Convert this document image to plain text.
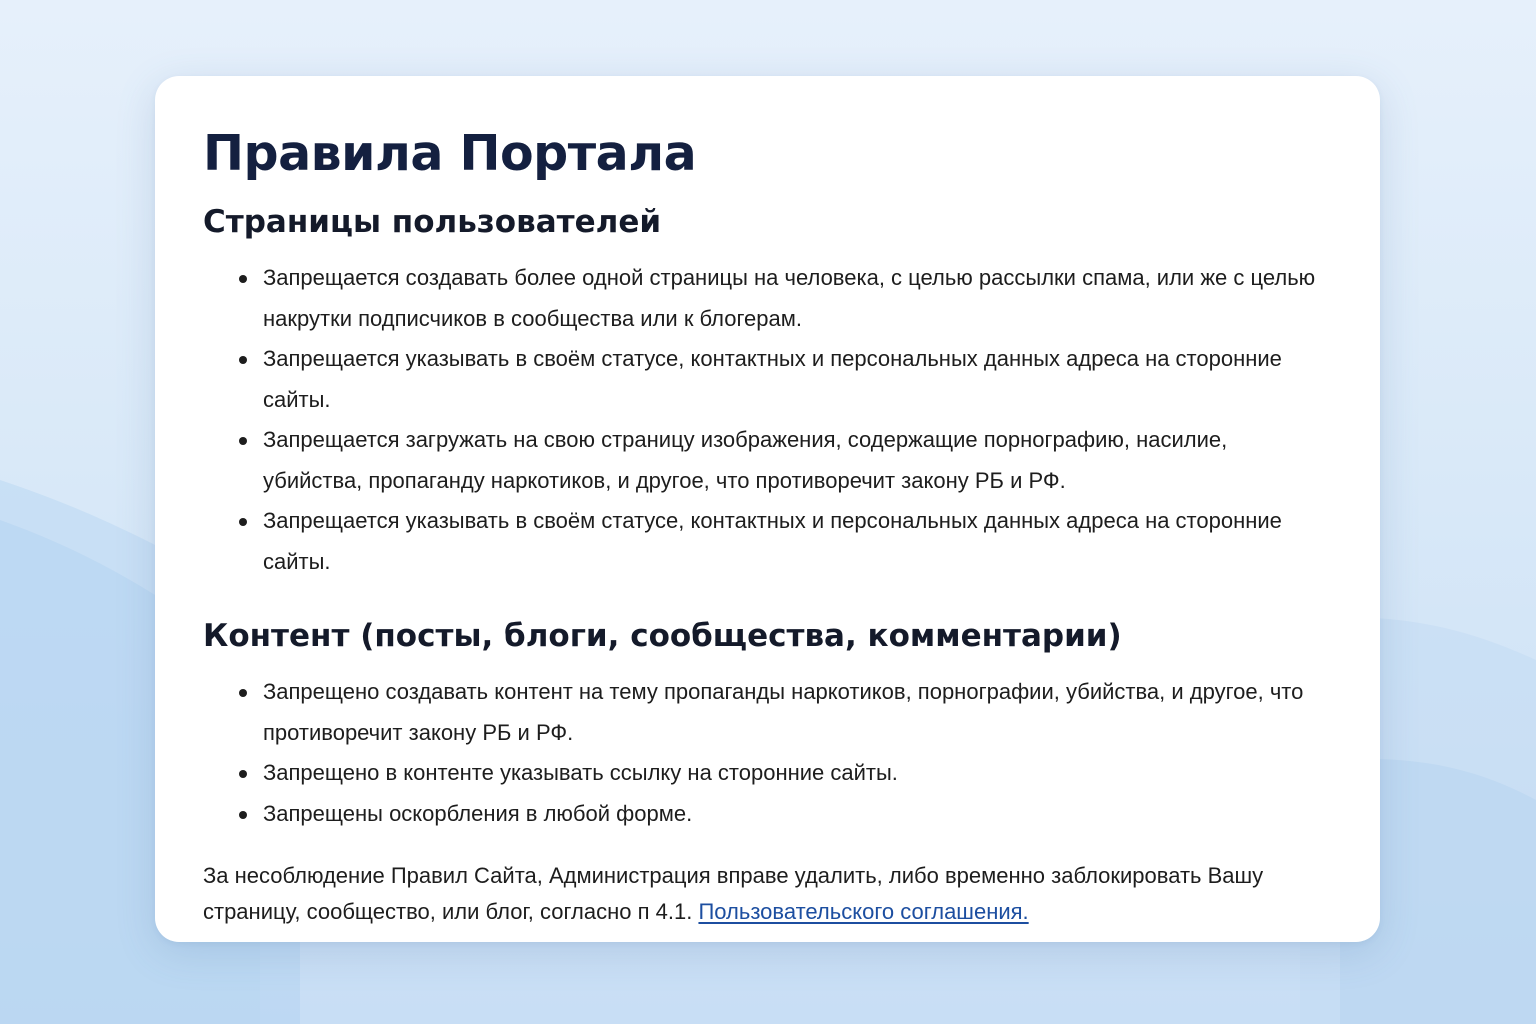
Правила Портала
Страницы пользователей
Запрещается создавать более одной страницы на человека, с целью рассылки спама, или же с целью накрутки подписчиков в сообщества или к блогерам.
Запрещается указывать в своём статусе, контактных и персональных данных адреса на сторонние сайты.
Запрещается загружать на свою страницу изображения, содержащие порнографию, насилие, убийства, пропаганду наркотиков, и другое, что противоречит закону РБ и РФ.
Запрещается указывать в своём статусе, контактных и персональных данных адреса на сторонние сайты.
Контент (посты, блоги, сообщества, комментарии)
Запрещено создавать контент на тему пропаганды наркотиков, порнографии, убийства, и другое, что противоречит закону РБ и РФ.
Запрещено в контенте указывать ссылку на сторонние сайты.
Запрещены оскорбления в любой форме.

За несоблюдение Правил Сайта, Администрация вправе удалить, либо временно заблокировать Вашу страницу, сообщество, или блог, согласно п 4.1. Пользовательского соглашения.
